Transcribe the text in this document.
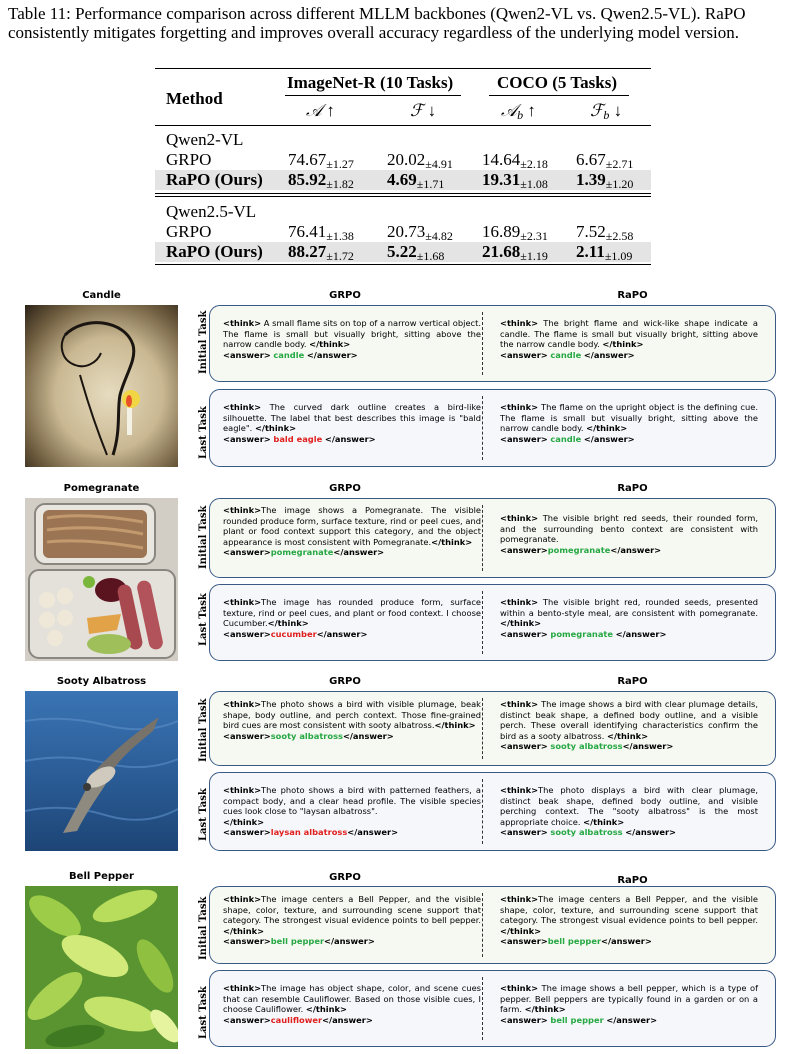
Table 11: Performance comparison across different MLLM backbones (Qwen2-VL vs. Qwen2.5-VL). RaPO consistently mitigates forgetting and improves overall accuracy regardless of the underlying model version.
Method
ImageNet-R (10 Tasks)	COCO (5 Tasks)
𝒜 ↑	ℱ ↓	𝒜$_b$ ↑	ℱ$_b$ ↓
Qwen2-VL
GRPO	$74.67_{\pm 1.27}$ $20.02_{\pm 4.91}$ $14.64_{\pm 2.18}$ $6.67_{\pm 2.71}$
RaPO (Ours) $85.92_{\pm 1.82}$ $4.69_{\pm 1.71}$ $19.31_{\pm 1.08}$ $1.39_{\pm 1.20}$
Qwen2.5-VL
GRPO	$76.41_{\pm 1.38}$ $20.73_{\pm 4.82}$ $16.89_{\pm 2.31}$ $7.52_{\pm 2.58}$
RaPO (Ours) $88.27_{\pm 1.72}$ $5.22_{\pm 1.68}$ $21.68_{\pm 1.19}$ $2.11_{\pm 1.09}$
Candle	GRPO	RaPO
Initial Task
Last Task
<think> A small flame sits on top of a narrow vertical object. The flame is small but visually bright, sitting above the narrow candle body. </think>
<answer> candle </answer>
<think> The bright flame and wick-like shape indicate a candle. The flame is small but visually bright, sitting above the narrow candle body. </think>
<answer> candle </answer>
<think> The curved dark outline creates a bird-like silhouette. The label that best describes this image is "bald eagle". </think>
<answer> bald eagle </answer>
<think> The flame on the upright object is the defining cue. The flame is small but visually bright, sitting above the narrow candle body. </think>
<answer> candle </answer>
Pomegranate	GRPO	RaPO
Initial Task
Last Task
<think>The image shows a Pomegranate. The visible rounded produce form, surface texture, rind or peel cues, and plant or food context support this category, and the object appearance is most consistent with Pomegranate.</think>
<answer>pomegranate</answer>
<think> The visible bright red seeds, their rounded form, and the surrounding bento context are consistent with pomegranate.
<answer>pomegranate</answer>
<think>The image has rounded produce form, surface texture, rind or peel cues, and plant or food context. I choose Cucumber.</think>
<answer>cucumber</answer>
<think> The visible bright red, rounded seeds, presented within a bento-style meal, are consistent with pomegranate. </think>
<answer> pomegranate </answer>
Sooty Albatross	GRPO	RaPO
Initial Task
Last Task
<think>The photo shows a bird with visible plumage, beak shape, body outline, and perch context. Those fine-grained bird cues are most consistent with sooty albatross.</think>
<answer>sooty albatross</answer>
<think> The image shows a bird with clear plumage details, distinct beak shape, a defined body outline, and a visible perch. These overall identifying characteristics confirm the bird as a sooty albatross. </think>
<answer> sooty albatross</answer>
<think>The photo shows a bird with patterned feathers, a compact body, and a clear head profile. The visible species cues look close to "laysan albatross".
</think>
<answer>laysan albatross</answer>
<think>The photo displays a bird with clear plumage, distinct beak shape, defined body outline, and visible perching context. The "sooty albatross" is the most appropriate choice. </think>
<answer> sooty albatross </answer>
Bell Pepper	GRPO	RaPO
Initial Task
Last Task
<think>The image centers a Bell Pepper, and the visible shape, color, texture, and surrounding scene support that category. The strongest visual evidence points to bell pepper.</think>
<answer>bell pepper</answer>
<think>The image centers a Bell Pepper, and the visible shape, color, texture, and surrounding scene support that category. The strongest visual evidence points to bell pepper.</think>
<answer>bell pepper</answer>
<think>The image has object shape, color, and scene cues that can resemble Cauliflower. Based on those visible cues, I choose Cauliflower. </think>
<answer>cauliflower</answer>
<think> The image shows a bell pepper, which is a type of pepper. Bell peppers are typically found in a garden or on a farm. </think>
<answer> bell pepper </answer>
